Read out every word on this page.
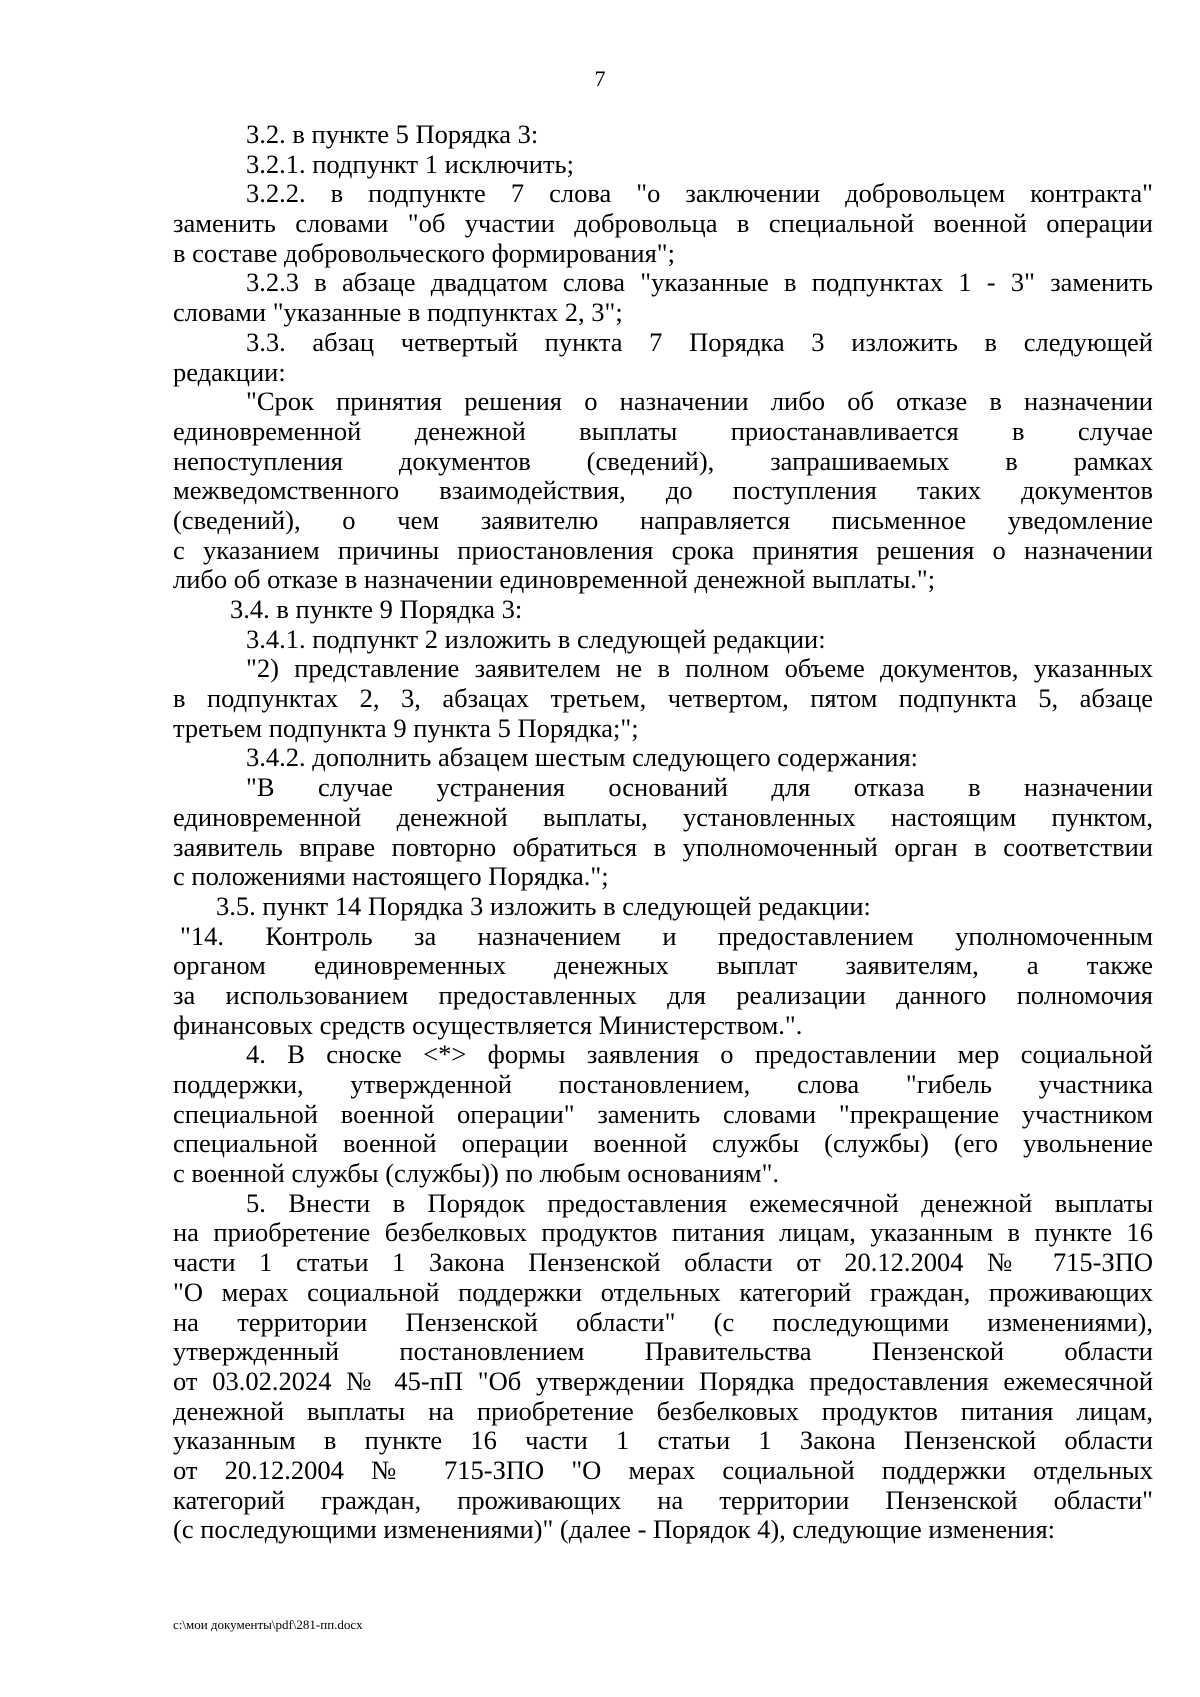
7
3.2. в пункте 5 Порядка 3:
3.2.1. подпункт 1 исключить;
3.2.2. в подпункте 7 слова "о заключении добровольцем контракта"
заменить словами "об участии добровольца в специальной военной операции
в составе добровольческого формирования";
3.2.3 в абзаце двадцатом слова "указанные в подпунктах 1 - 3" заменить
словами "указанные в подпунктах 2, 3";
3.3. абзац четвертый пункта 7 Порядка 3 изложить в следующей
редакции:
"Срок принятия решения о назначении либо об отказе в назначении
единовременной денежной выплаты приостанавливается в случае
непоступления документов (сведений), запрашиваемых в рамках
межведомственного взаимодействия, до поступления таких документов
(сведений), о чем заявителю направляется письменное уведомление
с указанием причины приостановления срока принятия решения о назначении
либо об отказе в назначении единовременной денежной выплаты.";
3.4. в пункте 9 Порядка 3:
3.4.1. подпункт 2 изложить в следующей редакции:
"2) представление заявителем не в полном объеме документов, указанных
в подпунктах 2, 3, абзацах третьем, четвертом, пятом подпункта 5, абзаце
третьем подпункта 9 пункта 5 Порядка;";
3.4.2. дополнить абзацем шестым следующего содержания:
"В случае устранения оснований для отказа в назначении
единовременной денежной выплаты, установленных настоящим пунктом,
заявитель вправе повторно обратиться в уполномоченный орган в соответствии
с положениями настоящего Порядка.";
3.5. пункт 14 Порядка 3 изложить в следующей редакции:
"14. Контроль за назначением и предоставлением уполномоченным
органом единовременных денежных выплат заявителям, а также
за использованием предоставленных для реализации данного полномочия
финансовых средств осуществляется Министерством.".
4. В сноске <*> формы заявления о предоставлении мер социальной
поддержки, утвержденной постановлением, слова "гибель участника
специальной военной операции" заменить словами "прекращение участником
специальной военной операции военной службы (службы) (его увольнение
с военной службы (службы)) по любым основаниям".
5. Внести в Порядок предоставления ежемесячной денежной выплаты
на приобретение безбелковых продуктов питания лицам, указанным в пункте 16
части 1 статьи 1 Закона Пензенской области от 20.12.2004 № 715-ЗПО
"О мерах социальной поддержки отдельных категорий граждан, проживающих
на территории Пензенской области" (с последующими изменениями),
утвержденный постановлением Правительства Пензенской области
от 03.02.2024 № 45-пП "Об утверждении Порядка предоставления ежемесячной
денежной выплаты на приобретение безбелковых продуктов питания лицам,
указанным в пункте 16 части 1 статьи 1 Закона Пензенской области
от 20.12.2004 № 715-ЗПО "О мерах социальной поддержки отдельных
категорий граждан, проживающих на территории Пензенской области"
(с последующими изменениями)" (далее - Порядок 4), следующие изменения:
c:\мои документы\pdf\281-пп.docx
